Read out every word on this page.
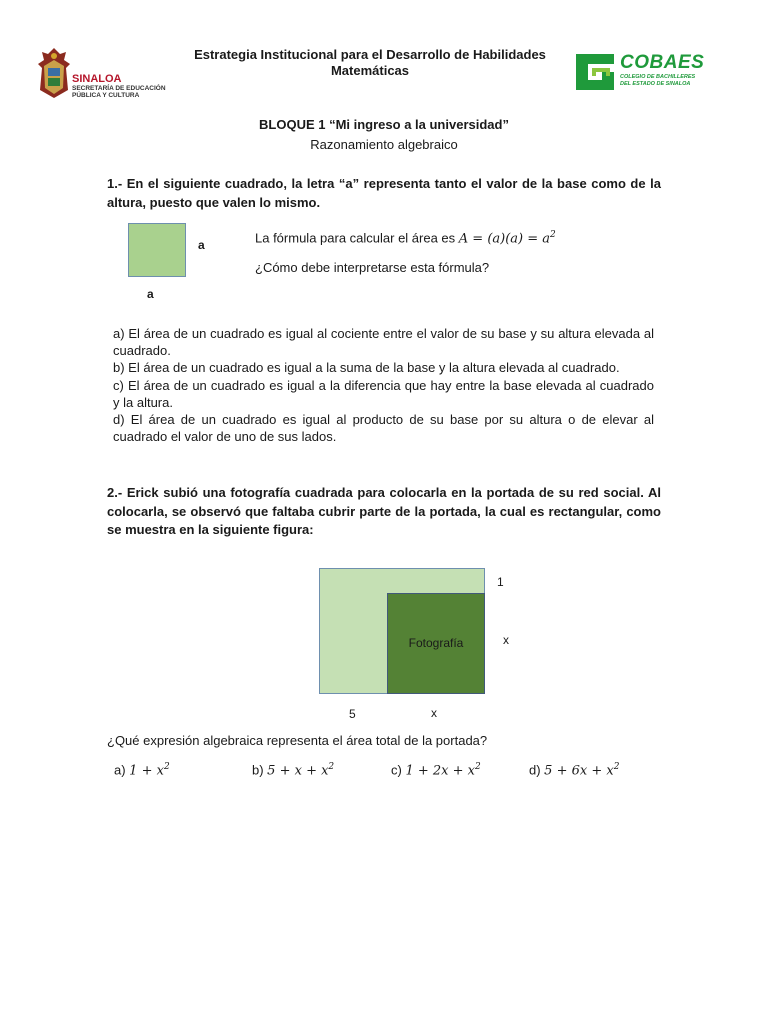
SINALOA
SECRETARÍA DE EDUCACIÓN
PÚBLICA Y CULTURA
Estrategia Institucional para el Desarrollo de Habilidades
Matemáticas	COBAES
COLEGIO DE BACHILLERES
DEL ESTADO DE SINALOA
BLOQUE 1 “Mi ingreso a la universidad”
Razonamiento algebraico
1.- En el siguiente cuadrado, la letra “a” representa tanto el valor de la base como de la altura, puesto que valen lo mismo.
a
a
La fórmula para calcular el área es $A = (a)(a) = a^2$
¿Cómo debe interpretarse esta fórmula?
a) El área de un cuadrado es igual al cociente entre el valor de su base y su altura elevada al cuadrado.
b) El área de un cuadrado es igual a la suma de la base y la altura elevada al cuadrado.
c) El área de un cuadrado es igual a la diferencia que hay entre la base elevada al cuadrado y la altura.
d) El área de un cuadrado es igual al producto de su base por su altura o de elevar al cuadrado el valor de uno de sus lados.
2.- Erick subió una fotografía cuadrada para colocarla en la portada de su red social. Al colocarla, se observó que faltaba cubrir parte de la portada, la cual es rectangular, como se muestra en la siguiente figura:
Fotografía
1
x
5	x
¿Qué expresión algebraica representa el área total de la portada?
a) $1 + x^2$	b) $5 + x + x^2$	c) $1 + 2x + x^2$	d) $5 + 6x + x^2$
